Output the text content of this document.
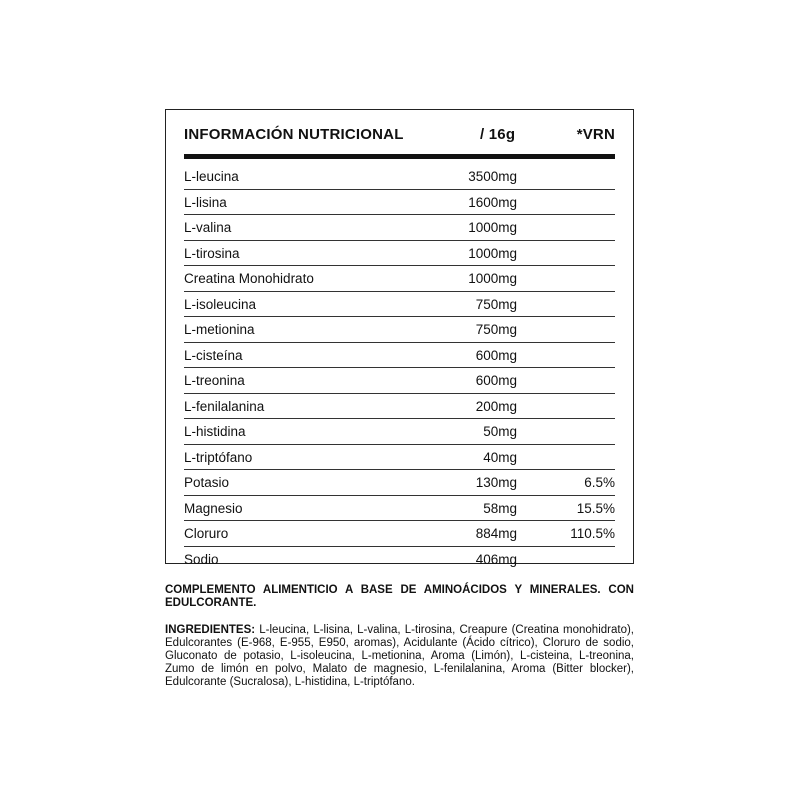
INFORMACIÓN NUTRICIONAL	/ 16g	*VRN
L-leucina	3500mg
L-lisina	1600mg
L-valina	1000mg
L-tirosina	1000mg
Creatina Monohidrato	1000mg
L-isoleucina	750mg
L-metionina	750mg
L-cisteína	600mg
L-treonina	600mg
L-fenilalanina	200mg
L-histidina	50mg
L-triptófano	40mg
Potasio	130mg	6.5%
Magnesio	58mg	15.5%
Cloruro	884mg	110.5%
Sodio	406mg
COMPLEMENTO ALIMENTICIO A BASE DE AMINOÁCIDOS Y MINERALES. CON EDULCORANTE.
INGREDIENTES: L-leucina, L-lisina, L-valina, L-tirosina, Creapure (Creatina monohidrato), Edulcorantes (E-968, E-955, E950, aromas), Acidulante (Ácido cítrico), Cloruro de sodio, Gluconato de potasio, L-isoleucina, L-metionina, Aroma (Limón), L-cisteina, L-treonina, Zumo de limón en polvo, Malato de magnesio, L-fenilalanina, Aroma (Bitter blocker), Edulcorante (Sucralosa), L-histidina, L-triptófano.
